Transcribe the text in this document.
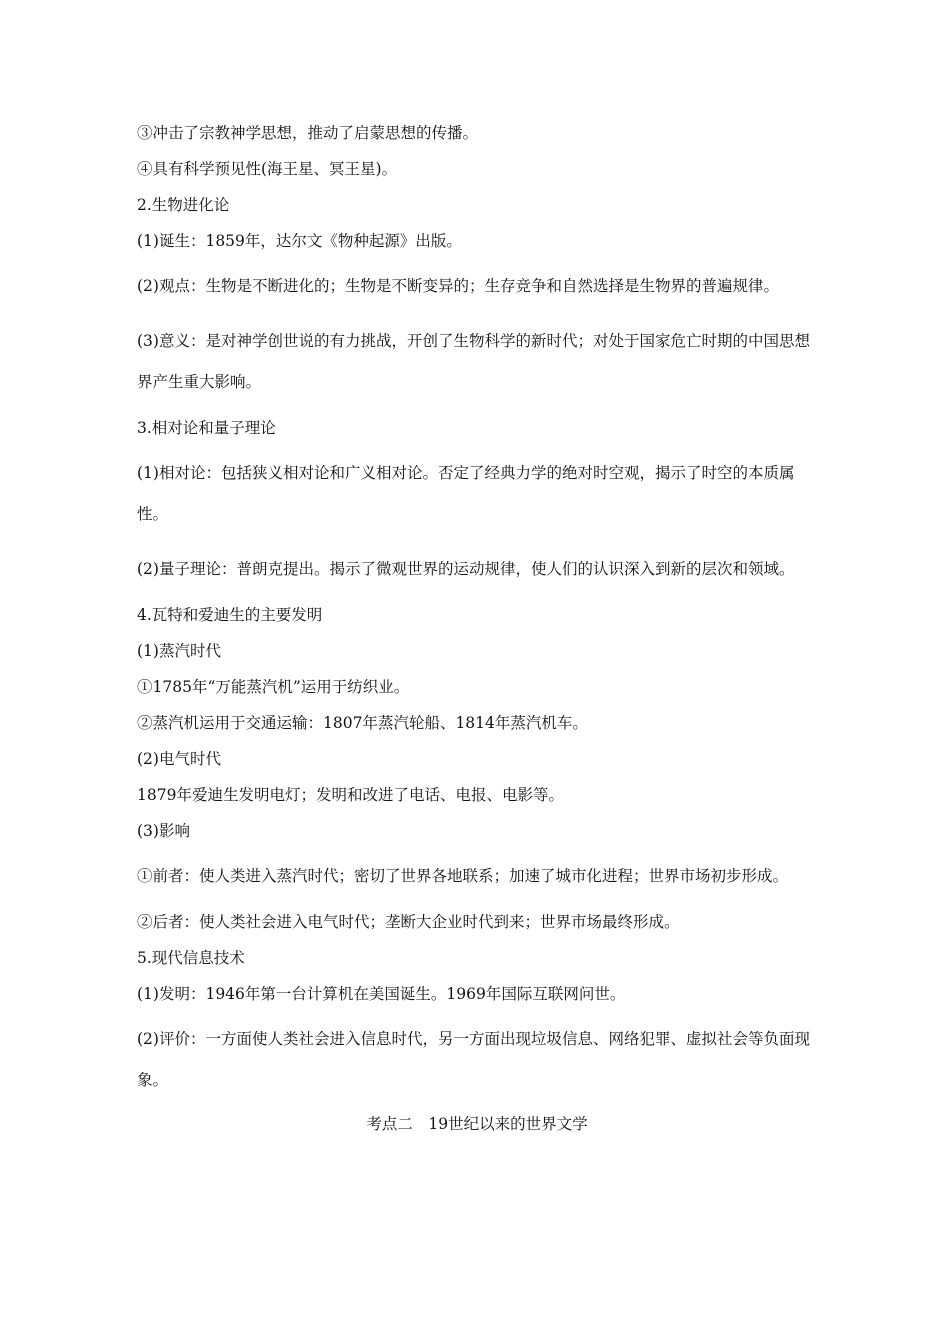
③冲击了宗教神学思想，推动了启蒙思想的传播。
④具有科学预见性(海王星、冥王星)。
2.生物进化论
(1)诞生：1859年，达尔文《物种起源》出版。
(2)观点：生物是不断进化的；生物是不断变异的；生存竞争和自然选择是生物界的普遍规律。
(3)意义：是对神学创世说的有力挑战，开创了生物科学的新时代；对处于国家危亡时期的中国思想界产生重大影响。
3.相对论和量子理论
(1)相对论：包括狭义相对论和广义相对论。否定了经典力学的绝对时空观，揭示了时空的本质属性。
(2)量子理论：普朗克提出。揭示了微观世界的运动规律，使人们的认识深入到新的层次和领域。
4.瓦特和爱迪生的主要发明
(1)蒸汽时代
①1785年“万能蒸汽机”运用于纺织业。
②蒸汽机运用于交通运输：1807年蒸汽轮船、1814年蒸汽机车。
(2)电气时代
1879年爱迪生发明电灯；发明和改进了电话、电报、电影等。
(3)影响
①前者：使人类进入蒸汽时代；密切了世界各地联系；加速了城市化进程；世界市场初步形成。
②后者：使人类社会进入电气时代；垄断大企业时代到来；世界市场最终形成。
5.现代信息技术
(1)发明：1946年第一台计算机在美国诞生。1969年国际互联网问世。
(2)评价：一方面使人类社会进入信息时代，另一方面出现垃圾信息、网络犯罪、虚拟社会等负面现象。
考点二　19世纪以来的世界文学
